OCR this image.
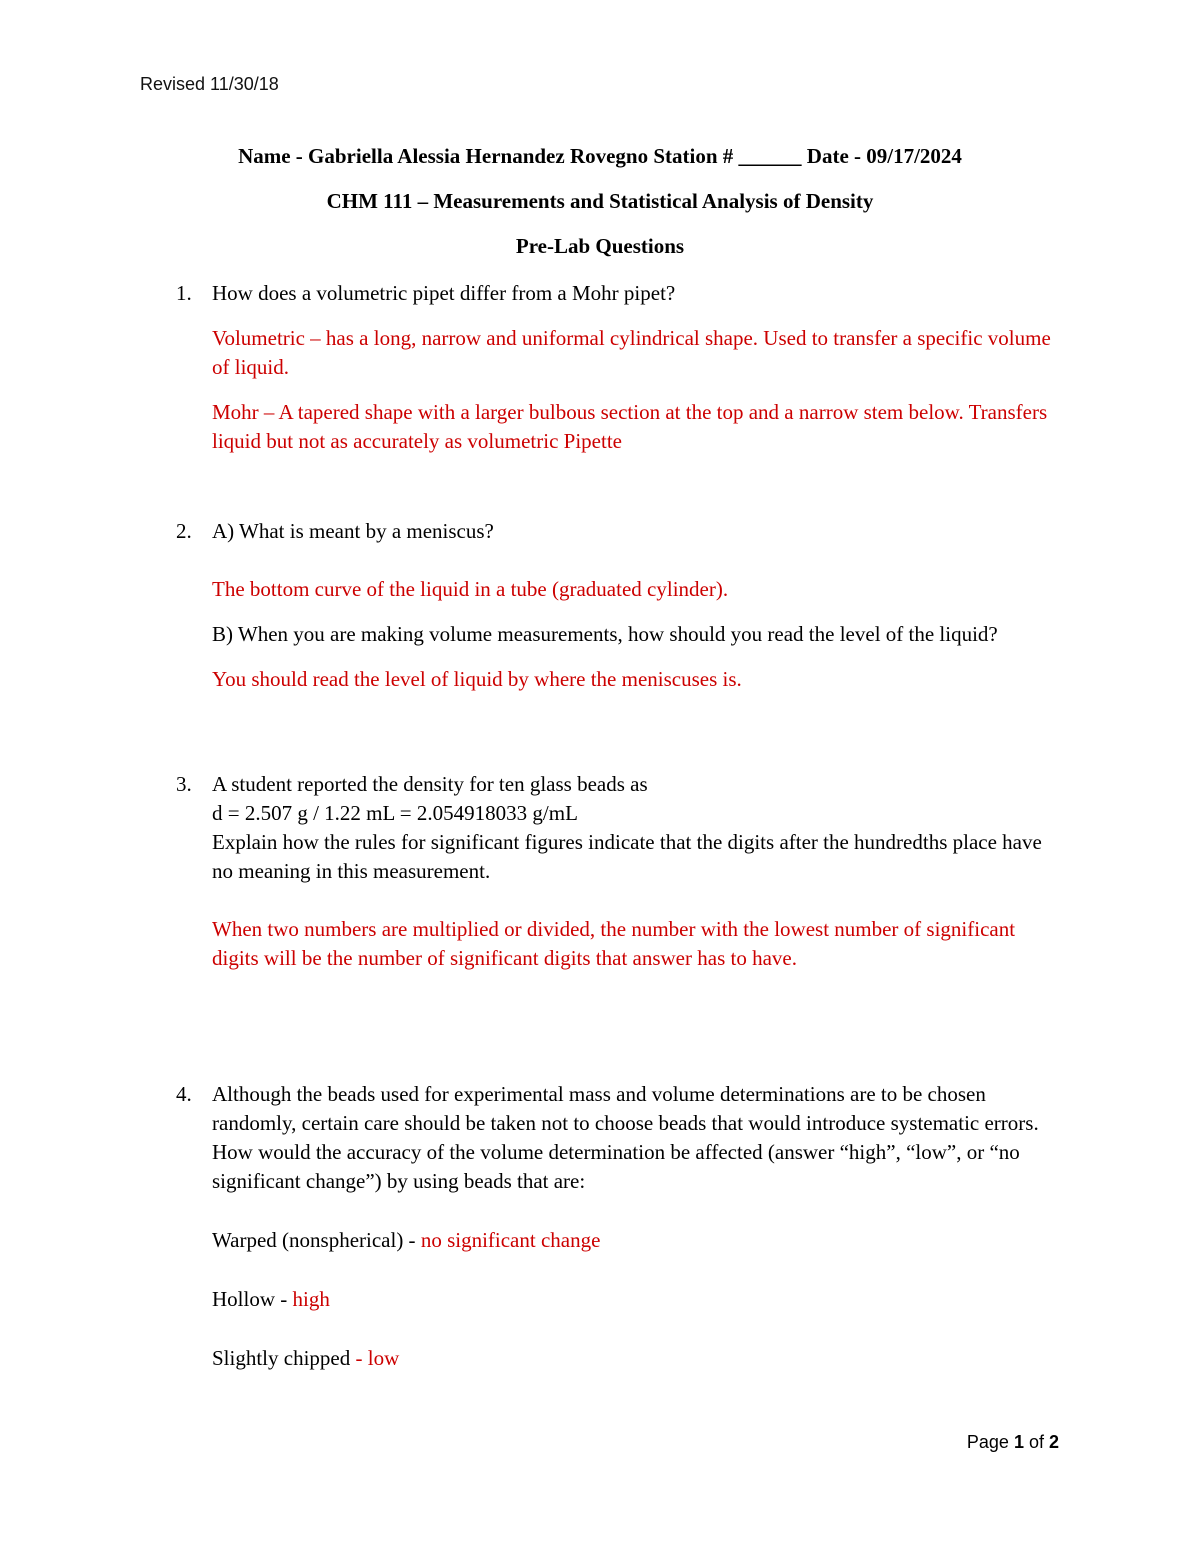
Revised 11/30/18
Name - Gabriella Alessia Hernandez Rovegno Station # ______ Date - 09/17/2024
CHM 111 – Measurements and Statistical Analysis of Density
Pre-Lab Questions
1. How does a volumetric pipet differ from a Mohr pipet?

Volumetric – has a long, narrow and uniformal cylindrical shape. Used to transfer a specific volume of liquid.

Mohr – A tapered shape with a larger bulbous section at the top and a narrow stem below. Transfers liquid but not as accurately as volumetric Pipette

2. A) What is meant by a meniscus?

The bottom curve of the liquid in a tube (graduated cylinder).

B) When you are making volume measurements, how should you read the level of the liquid?

You should read the level of liquid by where the meniscuses is.

3. A student reported the density for ten glass beads as

d = 2.507 g / 1.22 mL = 2.054918033 g/mL

Explain how the rules for significant figures indicate that the digits after the hundredths place have no meaning in this measurement.

When two numbers are multiplied or divided, the number with the lowest number of significant digits will be the number of significant digits that answer has to have.

4. Although the beads used for experimental mass and volume determinations are to be chosen randomly, certain care should be taken not to choose beads that would introduce systematic errors. How would the accuracy of the volume determination be affected (answer “high”, “low”, or “no significant change”) by using beads that are:

Warped (nonspherical) - no significant change

Hollow - high

Slightly chipped - low

Page 1 of 2
